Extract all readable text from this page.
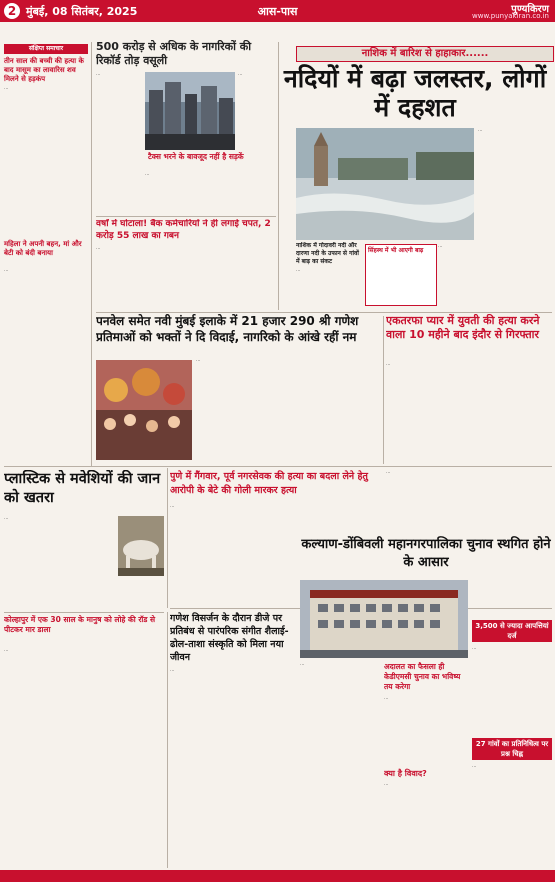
2 मुंबई, 08 सितंबर, 2025	आस-पास	पुण्यकिरण
www.punyakiran.co.in
संक्षिप्त समाचार
तीन साल की बच्ची की हत्या के बाद मासूम का लावारिस शव मिलने से हड़कंप
...
महिला ने अपनी बहन, मां और बेटी को बंदी बनाया
...
500 करोड़ से अधिक के नागरिकों की रिकॉर्ड तोड़ वसूली
...	...
टैक्स भरने के बावजूद नहीं है सड़कें
...
वर्षों में घोटाला! बैंक कर्मचारियों ने ही लगाई चपत, 2 करोड़ 55 लाख का गबन
...
नाशिक में बारिश से हाहाकार......
नदियों में बढ़ा जलस्तर, लोगों में दहशत
नाशिक में गोदावरी नदी और दारणा नदी के उफान से गांवों में बाढ़ का संकट
...
सिंहस्थ में भी आएगी बाढ़
...
...
पनवेल समेत नवी मुंबई इलाके में 21 हजार 290 श्री गणेश प्रतिमाओं को भक्तों ने दि विदाई, नागरिको के आंखे रहीं नम
...
एकतरफा प्यार में युवती की हत्या करने वाला 10 महीने बाद इंदौर से गिरफ्तार
...
प्लास्टिक से मवेशियों की जान को खतरा
...
पुणे में गैंगवार, पूर्व नगरसेवक की हत्या का बदला लेने हेतु आरोपी के बेटे की गोली मारकर हत्या
...
...
कल्याण-डोंबिवली महानगरपालिका चुनाव स्थगित होने के आसार
3,500 से ज्यादा आपत्तियां दर्ज
...
27 गांवों का प्रतिनिधित्व पर प्रश्न चिह्न
...
अदालत का फैसला ही केडीएमसी चुनाव का भविष्य तय करेगा
...
क्या है विवाद?
...
...
कोल्हापुर में एक 30 साल के मानुष को लोहे की रॉड से पीटकर मार डाला
...
गणेश विसर्जन के दौरान डीजे पर प्रतिबंध से पारंपरिक संगीत शैलाई- ढोल-ताशा संस्कृति को मिला नया जीवन
...
